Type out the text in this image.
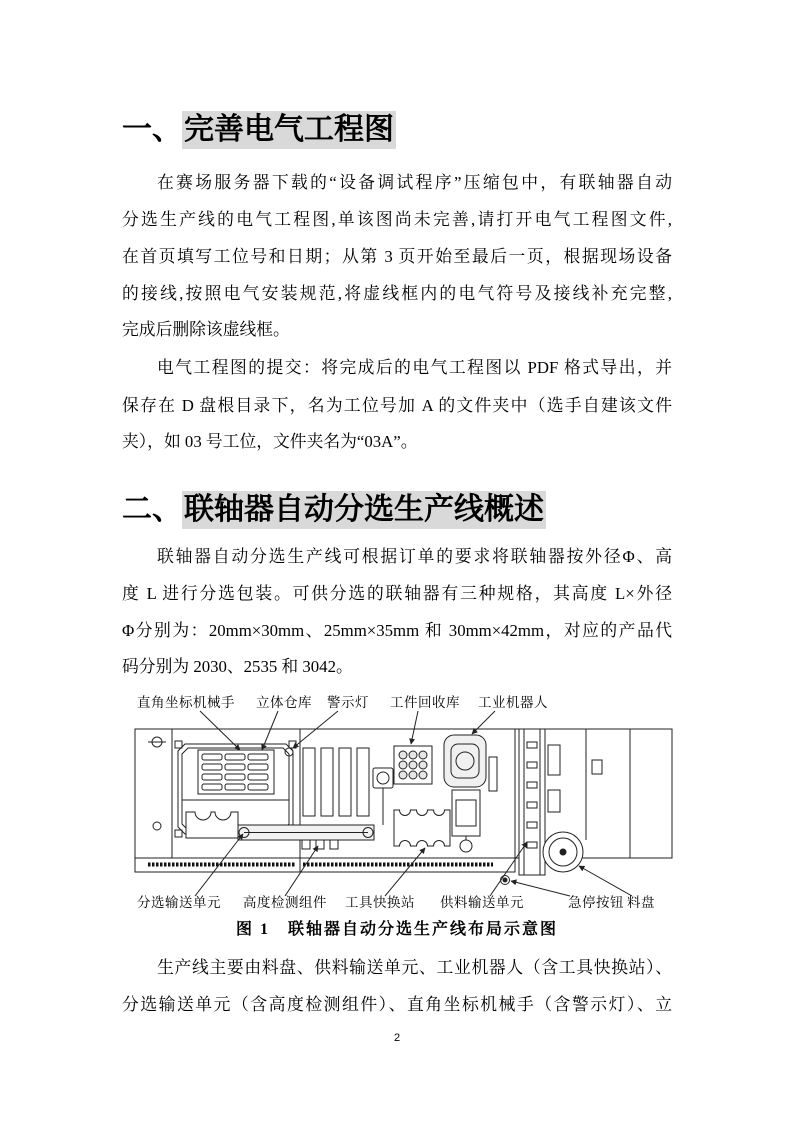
一、完善电气工程图
在赛场服务器下载的“设备调试程序”压缩包中，有联轴器自动
分选生产线的电气工程图,单该图尚未完善,请打开电气工程图文件,
在首页填写工位号和日期；从第 3 页开始至最后一页，根据现场设备
的接线,按照电气安装规范,将虚线框内的电气符号及接线补充完整,
完成后删除该虚线框。
电气工程图的提交：将完成后的电气工程图以 PDF 格式导出，并
保存在 D 盘根目录下，名为工位号加 A 的文件夹中（选手自建该文件
夹），如 03 号工位，文件夹名为“03A”。
二、联轴器自动分选生产线概述
联轴器自动分选生产线可根据订单的要求将联轴器按外径Φ、高
度 L 进行分选包装。可供分选的联轴器有三种规格，其高度 L×外径
Φ分别为：20mm×30mm、25mm×35mm 和 30mm×42mm，对应的产品代
码分别为 2030、2535 和 3042。
直角坐标机械手 立体仓库 警示灯 工件回收库 工业机器人
分选输送单元 高度检测组件 工具快换站 供料输送单元	急停按钮 料盘
图 1 联轴器自动分选生产线布局示意图
生产线主要由料盘、供料输送单元、工业机器人（含工具快换站）、
分选输送单元（含高度检测组件）、直角坐标机械手（含警示灯）、立
2
